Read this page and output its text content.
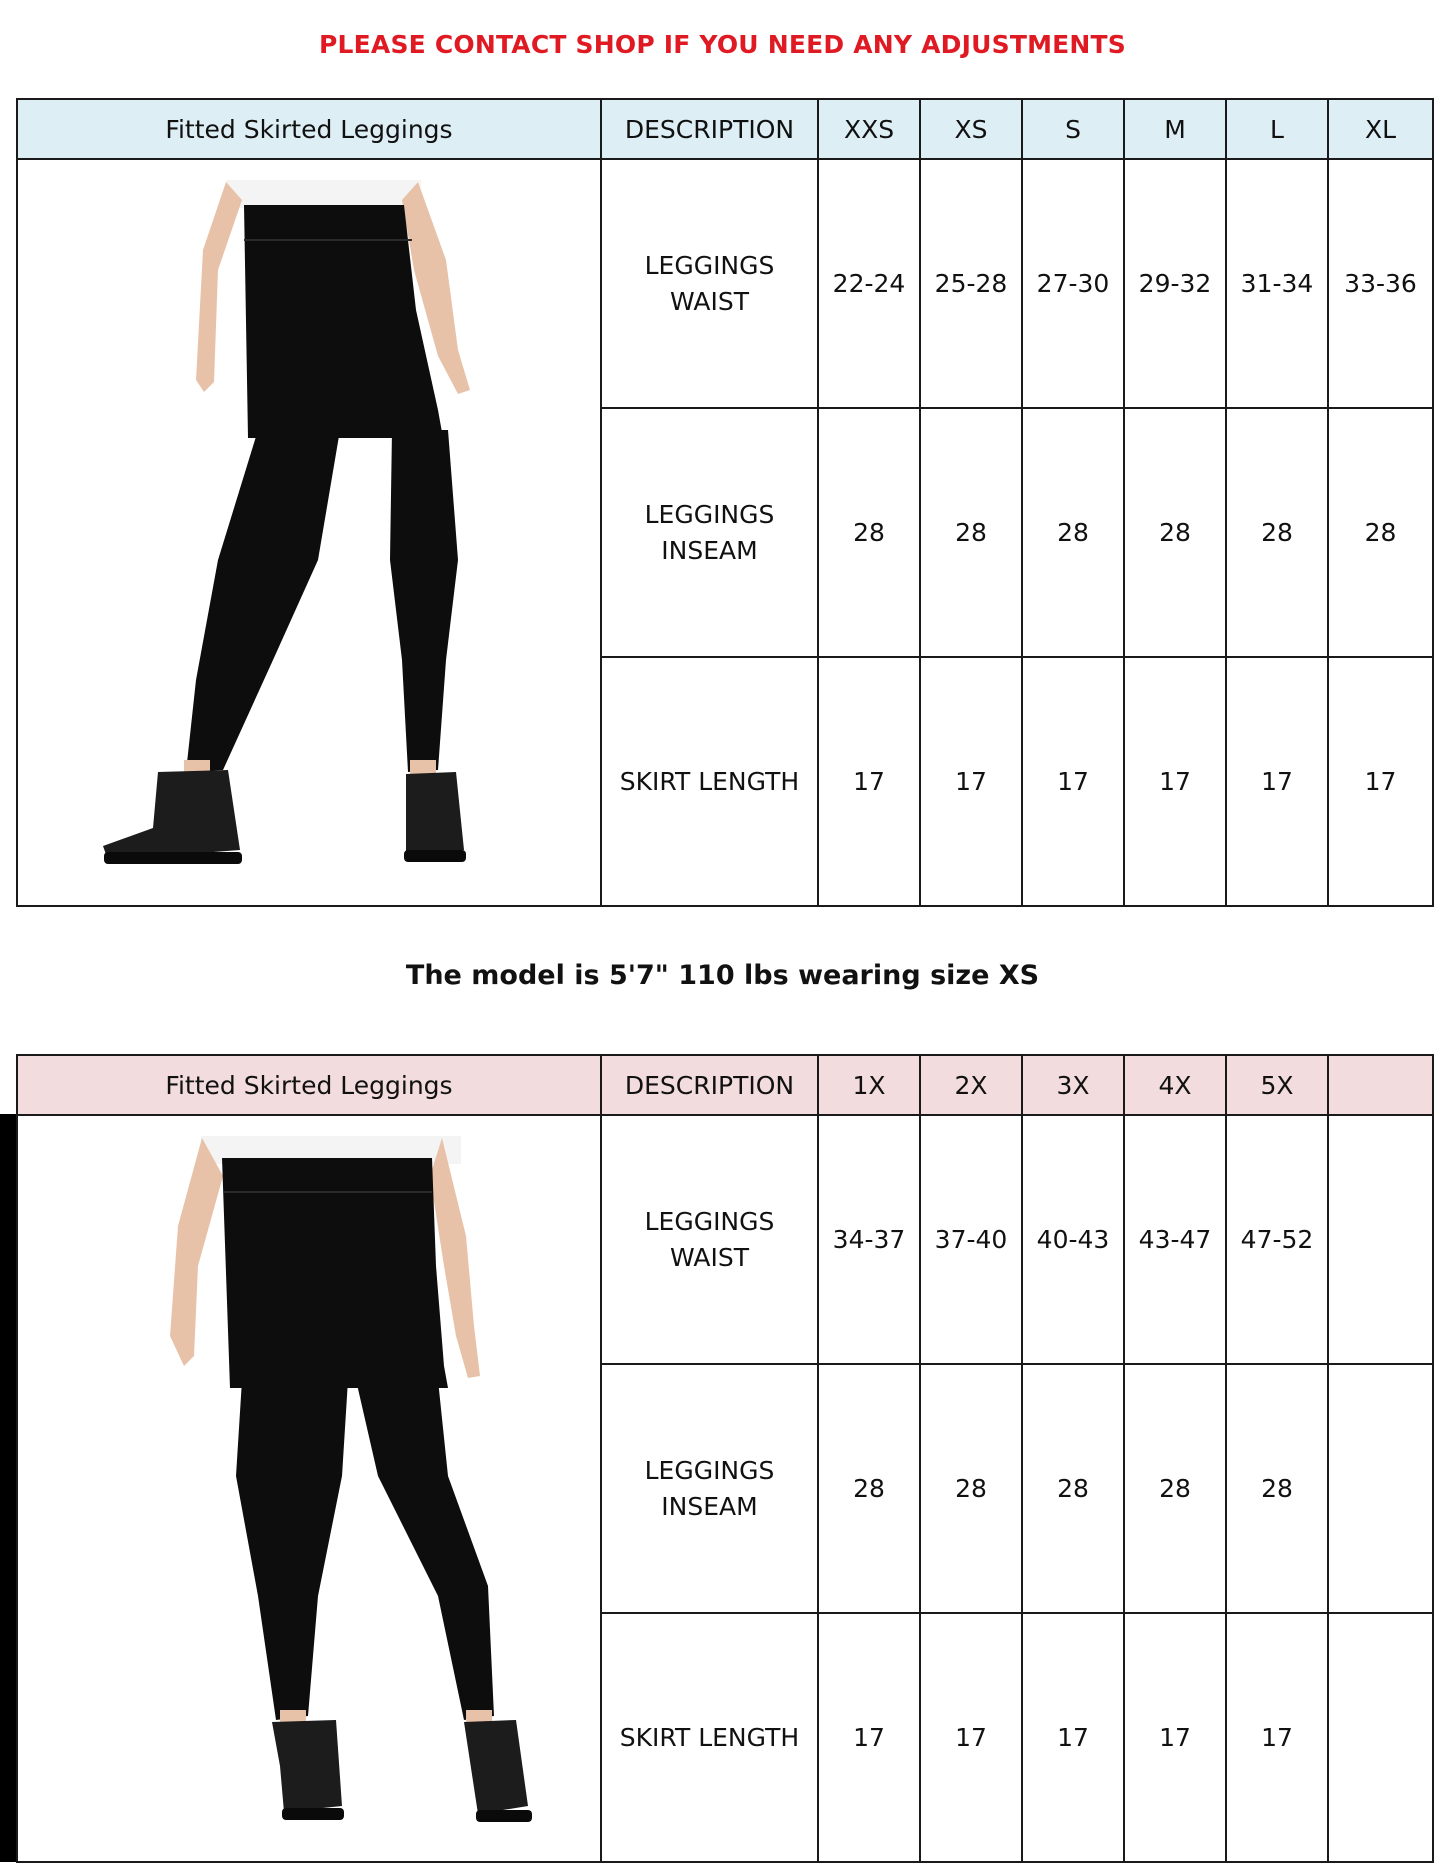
PLEASE CONTACT SHOP IF YOU NEED ANY ADJUSTMENTS
Fitted Skirted Leggings	DESCRIPTION	XXS	XS	S	M	L	XL

LEGGINGS WAIST	22-24	25-28	27-30	29-32	31-34	33-36

	LEGGINGS INSEAM	28	28	28	28	28	28

	SKIRT LENGTH	17	17	17	17	17	17
The model is 5'7" 110 lbs wearing size XS
Fitted Skirted Leggings	DESCRIPTION	1X	2X	3X	4X	5X	

LEGGINGS WAIST	34-37	37-40	40-43	43-47	47-52	

	LEGGINGS INSEAM	28	28	28	28	28	

	SKIRT LENGTH	17	17	17	17	17	
